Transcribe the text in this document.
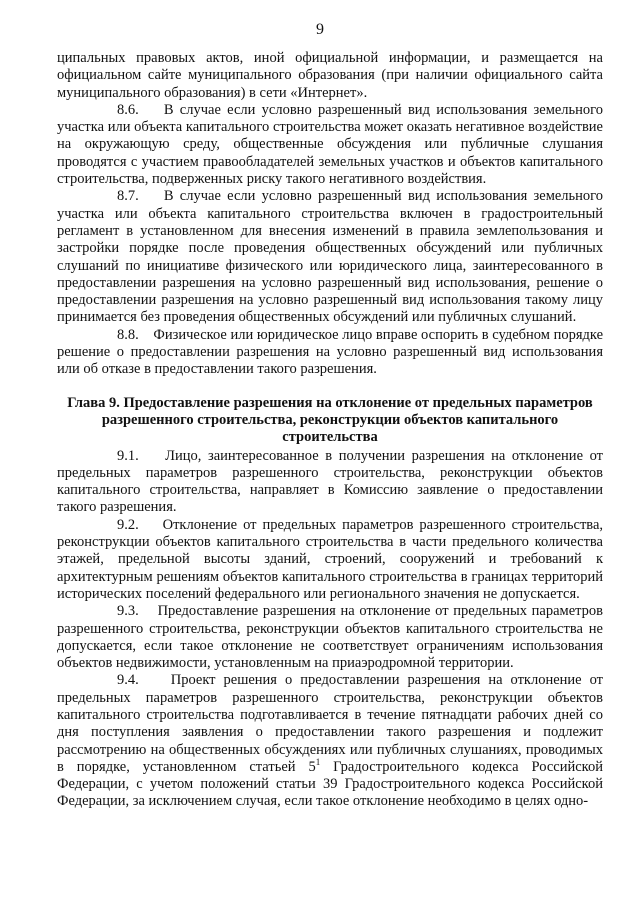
9

ципальных правовых актов, иной официальной информации, и размещается на официальном сайте муниципального образования (при наличии официального сайта муниципального образования) в сети «Интернет».

8.6. В случае если условно разрешенный вид использования земельного участка или объекта капитального строительства может оказать негативное воздействие на окружающую среду, общественные обсуждения или публичные слушания проводятся с участием правообладателей земельных участков и объектов капитального строительства, подверженных риску такого негативного воздействия.

8.7. В случае если условно разрешенный вид использования земельного участка или объекта капитального строительства включен в градостроительный регламент в установленном для внесения изменений в правила землепользования и застройки порядке после проведения общественных обсуждений или публичных слушаний по инициативе физического или юридического лица, заинтересованного в предоставлении разрешения на условно разрешенный вид использования, решение о предоставлении разрешения на условно разрешенный вид использования такому лицу принимается без проведения общественных обсуждений или публичных слушаний.

8.8. Физическое или юридическое лицо вправе оспорить в судебном порядке решение о предоставлении разрешения на условно разрешенный вид использования или об отказе в предоставлении такого разрешения.

Глава 9. Предоставление разрешения на отклонение от предельных параметров разрешенного строительства, реконструкции объектов капитального строительства

9.1. Лицо, заинтересованное в получении разрешения на отклонение от предельных параметров разрешенного строительства, реконструкции объектов капитального строительства, направляет в Комиссию заявление о предоставлении такого разрешения.

9.2. Отклонение от предельных параметров разрешенного строительства, реконструкции объектов капитального строительства в части предельного количества этажей, предельной высоты зданий, строений, сооружений и требований к архитектурным решениям объектов капитального строительства в границах территорий исторических поселений федерального или регионального значения не допускается.

9.3. Предоставление разрешения на отклонение от предельных параметров разрешенного строительства, реконструкции объектов капитального строительства не допускается, если такое отклонение не соответствует ограничениям использования объектов недвижимости, установленным на приаэродромной территории.

9.4. Проект решения о предоставлении разрешения на отклонение от предельных параметров разрешенного строительства, реконструкции объектов капитального строительства подготавливается в течение пятнадцати рабочих дней со дня поступления заявления о предоставлении такого разрешения и подлежит рассмотрению на общественных обсуждениях или публичных слушаниях, проводимых в порядке, установленном статьей $5^1$ Градостроительного кодекса Российской Федерации, с учетом положений статьи 39 Градостроительного кодекса Российской Федерации, за исключением случая, если такое отклонение необходимо в целях одно-
